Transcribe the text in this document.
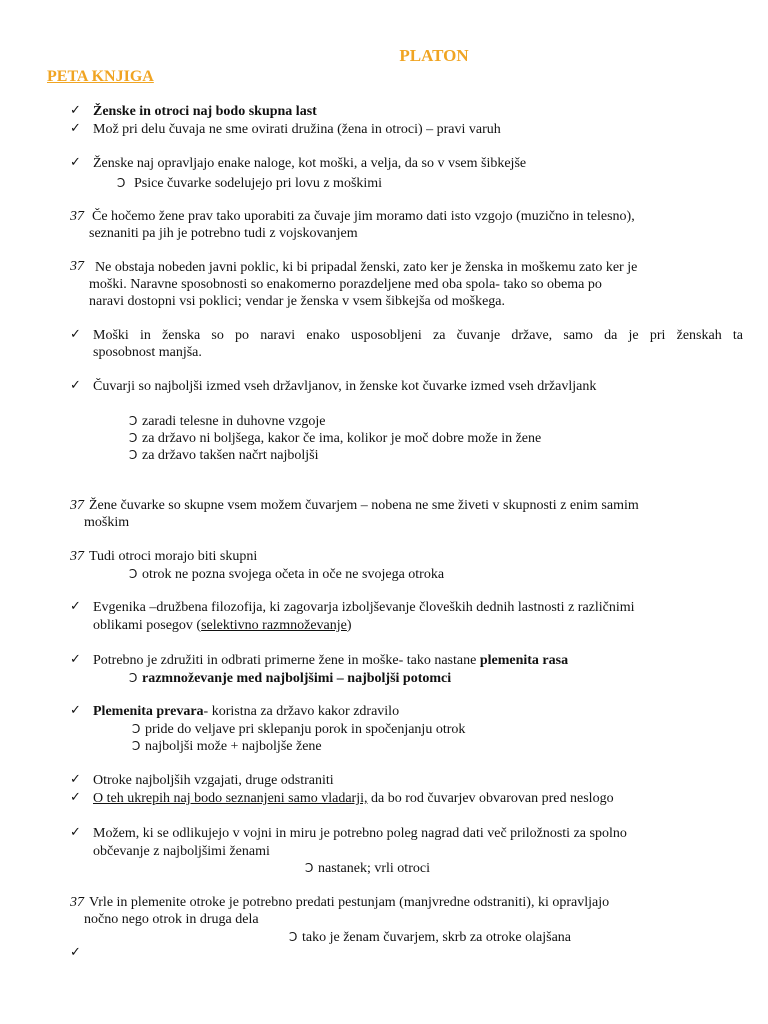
PLATON
PETA KNJIGA
✓ Ženske in otroci naj bodo skupna last
✓ Mož pri delu čuvaja ne sme ovirati družina (žena in otroci) – pravi varuh
✓ Ženske naj opravljajo enake naloge, kot moški, a velja, da so v vsem šibkejše
Ↄ Psice čuvarke sodelujejo pri lovu z moškimi
37 Če hočemo žene prav tako uporabiti za čuvaje jim moramo dati isto vzgojo (muzično in telesno),
seznaniti pa jih je potrebno tudi z vojskovanjem
37 Ne obstaja nobeden javni poklic, ki bi pripadal ženski, zato ker je ženska in moškemu zato ker je
moški. Naravne sposobnosti so enakomerno porazdeljene med oba spola- tako so obema po
naravi dostopni vsi poklici; vendar je ženska v vsem šibkejša od moškega.
✓ Moški in ženska so po naravi enako usposobljeni za čuvanje države, samo da je pri ženskah ta
sposobnost manjša.
✓ Čuvarji so najboljši izmed vseh državljanov, in ženske kot čuvarke izmed vseh državljank
Ↄ zaradi telesne in duhovne vzgoje
Ↄ za državo ni boljšega, kakor če ima, kolikor je moč dobre može in žene
Ↄ za državo takšen načrt najboljši
37 Žene čuvarke so skupne vsem možem čuvarjem – nobena ne sme živeti v skupnosti z enim samim
moškim
37 Tudi otroci morajo biti skupni
Ↄ otrok ne pozna svojega očeta in oče ne svojega otroka
✓ Evgenika –družbena filozofija, ki zagovarja izboljševanje človeških dednih lastnosti z različnimi
oblikami posegov (selektivno razmnoževanje)
✓ Potrebno je združiti in odbrati primerne žene in moške- tako nastane plemenita rasa
Ↄ razmnoževanje med najboljšimi – najboljši potomci
✓ Plemenita prevara- koristna za državo kakor zdravilo
Ↄ pride do veljave pri sklepanju porok in spočenjanju otrok
Ↄ najboljši može + najboljše žene
✓ Otroke najboljših vzgajati, druge odstraniti
✓ O teh ukrepih naj bodo seznanjeni samo vladarji, da bo rod čuvarjev obvarovan pred neslogo
✓ Možem, ki se odlikujejo v vojni in miru je potrebno poleg nagrad dati več priložnosti za spolno
občevanje z najboljšimi ženami
Ↄ nastanek; vrli otroci
37 Vrle in plemenite otroke je potrebno predati pestunjam (manjvredne odstraniti), ki opravljajo
nočno nego otrok in druga dela
Ↄ tako je ženam čuvarjem, skrb za otroke olajšana
✓
